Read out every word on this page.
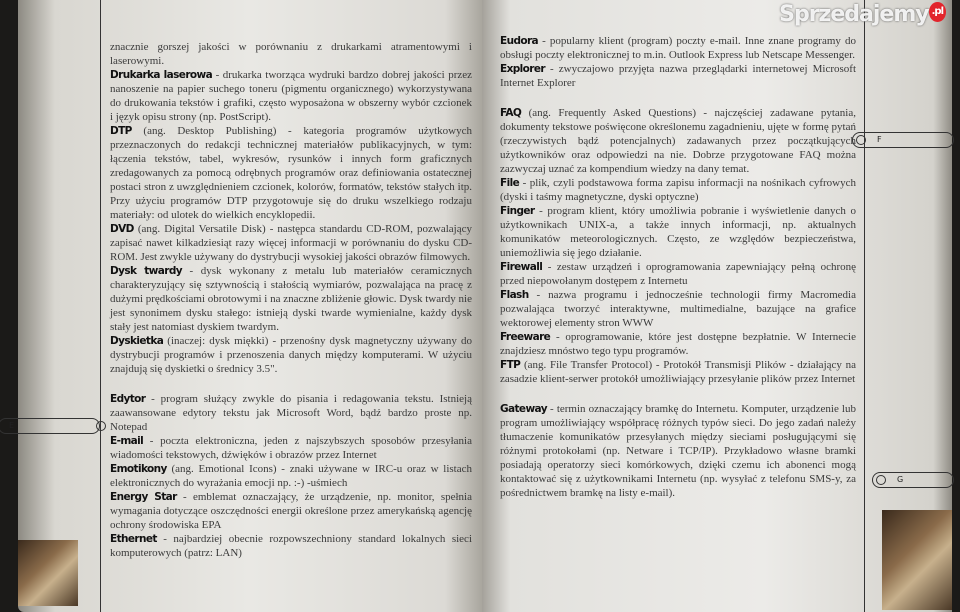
E

znacznie gorszej jakości w porównaniu z drukarkami atramentowymi i laserowymi.

Drukarka laserowa - drukarka tworząca wydruki bardzo dobrej jakości przez nanoszenie na papier suchego toneru (pigmentu organicznego) wykorzystywana do drukowania tekstów i grafiki, często wyposażona w obszerny wybór czcionek i język opisu strony (np. PostScript).

DTP (ang. Desktop Publishing) - kategoria programów użytkowych przeznaczonych do redakcji technicznej materiałów publikacyjnych, w tym: łączenia tekstów, tabel, wykresów, rysunków i innych form graficznych zredagowanych za pomocą odrębnych programów oraz definiowania ostatecznej postaci stron z uwzględnieniem czcionek, kolorów, formatów, tekstów stałych itp. Przy użyciu programów DTP przygotowuje się do druku wszelkiego rodzaju materiały: od ulotek do wielkich encyklopedii.

DVD (ang. Digital Versatile Disk) - następca standardu CD-ROM, pozwalający zapisać nawet kilkadziesiąt razy więcej informacji w porównaniu do dysku CD-ROM. Jest zwykle używany do dystrybucji wysokiej jakości obrazów filmowych.

Dysk twardy - dysk wykonany z metalu lub materiałów ceramicznych charakteryzujący się sztywnością i stałością wymiarów, pozwalająca na pracę z dużymi prędkościami obrotowymi i na znaczne zbliżenie głowic. Dysk twardy nie jest synonimem dysku stałego: istnieją dyski twarde wymienialne, każdy dysk stały jest natomiast dyskiem twardym.

Dyskietka (inaczej: dysk miękki) - przenośny dysk magnetyczny używany do dystrybucji programów i przenoszenia danych między komputerami. W użyciu znajdują się dyskietki o średnicy 3.5".

Edytor - program służący zwykle do pisania i redagowania tekstu. Istnieją zaawansowane edytory tekstu jak Microsoft Word, bądź bardzo proste np. Notepad

E-mail - poczta elektroniczna, jeden z najszybszych sposobów przesyłania wiadomości tekstowych, dźwięków i obrazów przez Internet

Emotikony (ang. Emotional Icons) - znaki używane w IRC-u oraz w listach elektronicznych do wyrażania emocji np. :-) -uśmiech

Energy Star - emblemat oznaczający, że urządzenie, np. monitor, spełnia wymagania dotyczące oszczędności energii określone przez amerykańską agencję ochrony środowiska EPA

Ethernet - najbardziej obecnie rozpowszechniony standard lokalnych sieci komputerowych (patrz: LAN)

F
G

Eudora - popularny klient (program) poczty e-mail. Inne znane programy do obsługi poczty elektronicznej to m.in. Outlook Express lub Netscape Messenger.

Explorer - zwyczajowo przyjęta nazwa przeglądarki internetowej Microsoft Internet Explorer

FAQ (ang. Frequently Asked Questions) - najczęściej zadawane pytania, dokumenty tekstowe poświęcone określonemu zagadnieniu, ujęte w formę pytań (rzeczywistych bądź potencjalnych) zadawanych przez początkujących użytkowników oraz odpowiedzi na nie. Dobrze przygotowane FAQ można zazwyczaj uznać za kompendium wiedzy na dany temat.

File - plik, czyli podstawowa forma zapisu informacji na nośnikach cyfrowych (dyski i taśmy magnetyczne, dyski optyczne)

Finger - program klient, który umożliwia pobranie i wyświetlenie danych o użytkownikach UNIX-a, a także innych informacji, np. aktualnych komunikatów meteorologicznych. Często, ze względów bezpieczeństwa, uniemożliwia się jego działanie.

Firewall - zestaw urządzeń i oprogramowania zapewniający pełną ochronę przed niepowołanym dostępem z Internetu

Flash - nazwa programu i jednocześnie technologii firmy Macromedia pozwalająca tworzyć interaktywne, multimedialne, bazujące na grafice wektorowej elementy stron WWW

Freeware - oprogramowanie, które jest dostępne bezpłatnie. W Internecie znajdziesz mnóstwo tego typu programów.

FTP (ang. File Transfer Protocol) - Protokół Transmisji Plików - działający na zasadzie klient-serwer protokół umożliwiający przesyłanie plików przez Internet

Gateway - termin oznaczający bramkę do Internetu. Komputer, urządzenie lub program umożliwiający współpracę różnych typów sieci. Do jego zadań należy tłumaczenie komunikatów przesyłanych między sieciami posługującymi się różnymi protokołami (np. Netware i TCP/IP). Przykładowo własne bramki posiadają operatorzy sieci komórkowych, dzięki czemu ich abonenci mogą kontaktować się z użytkownikami Internetu (np. wysyłać z telefonu SMS-y, za pośrednictwem bramkę na listy e-mail).

Sprzedajemy .pl
